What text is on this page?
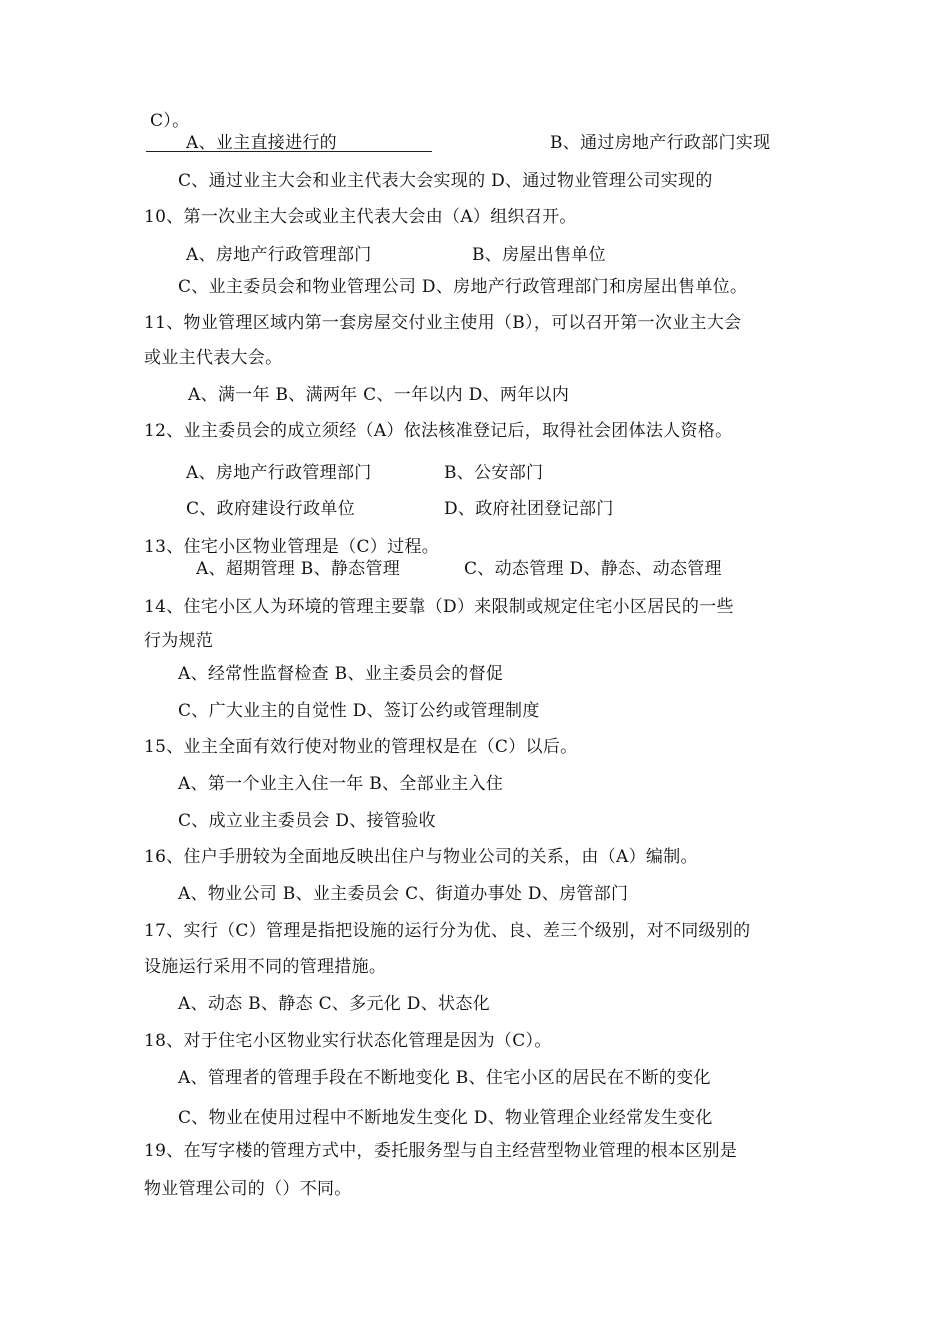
C）。
A、业主直接进行的	B、通过房地产行政部门实现
C、通过业主大会和业主代表大会实现的 D、通过物业管理公司实现的
10、第一次业主大会或业主代表大会由（A）组织召开。
A、房地产行政管理部门	B、房屋出售单位
C、业主委员会和物业管理公司 D、房地产行政管理部门和房屋出售单位。
11、物业管理区域内第一套房屋交付业主使用（B），可以召开第一次业主大会
或业主代表大会。
A、满一年 B、满两年 C、一年以内 D、两年以内
12、业主委员会的成立须经（A）依法核准登记后，取得社会团体法人资格。
A、房地产行政管理部门	B、公安部门
C、政府建设行政单位	D、政府社团登记部门
13、住宅小区物业管理是（C）过程。
A、超期管理 B、静态管理	C、动态管理 D、静态、动态管理
14、住宅小区人为环境的管理主要靠（D）来限制或规定住宅小区居民的一些
行为规范
A、经常性监督检查 B、业主委员会的督促
C、广大业主的自觉性 D、签订公约或管理制度
15、业主全面有效行使对物业的管理权是在（C）以后。
A、第一个业主入住一年 B、全部业主入住
C、成立业主委员会 D、接管验收
16、住户手册较为全面地反映出住户与物业公司的关系，由（A）编制。
A、物业公司 B、业主委员会 C、街道办事处 D、房管部门
17、实行（C）管理是指把设施的运行分为优、良、差三个级别，对不同级别的
设施运行采用不同的管理措施。
A、动态 B、静态 C、多元化 D、状态化
18、对于住宅小区物业实行状态化管理是因为（C）。
A、管理者的管理手段在不断地变化 B、住宅小区的居民在不断的变化
C、物业在使用过程中不断地发生变化 D、物业管理企业经常发生变化
19、在写字楼的管理方式中，委托服务型与自主经营型物业管理的根本区别是
物业管理公司的（）不同。
